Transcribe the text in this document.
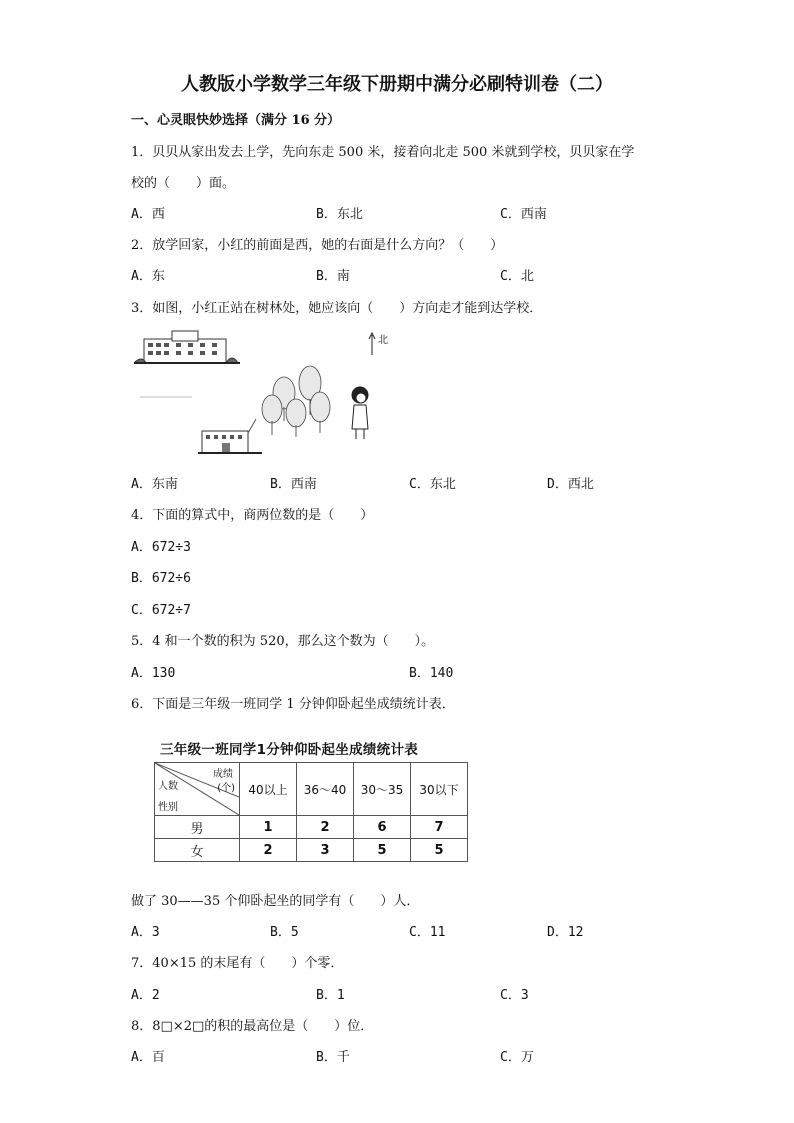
人教版小学数学三年级下册期中满分必刷特训卷（二）
一、心灵眼快妙选择（满分 16 分）
1．贝贝从家出发去上学，先向东走 500 米，接着向北走 500 米就到学校，贝贝家在学
校的（　　）面。
A．西	B．东北	C．西南
2．放学回家，小红的前面是西，她的右面是什么方向？（　　）
A．东	B．南	C．北
3．如图，小红正站在树林处，她应该向（　　）方向走才能到达学校．
北
A．东南	B．西南	C．东北	D．西北
4．下面的算式中，商两位数的是（　　）
A．672÷3
B．672÷6
C．672÷7
5．4 和一个数的积为 520，那么这个数为（　　）。
A．130	B．140
6．下面是三年级一班同学 1 分钟仰卧起坐成绩统计表．
三年级一班同学1分钟仰卧起坐成绩统计表
成绩
(个)
人数
性别	40以上	36～40	30～35	30以下
男	1	2	6	7
女	2	3	5	5
做了 30——35 个仰卧起坐的同学有（　　）人．
A．3	B．5	C．11	D．12
7．40×15 的末尾有（　　）个零．
A．2	B．1	C．3
8．8□×2□的积的最高位是（　　）位．
A．百	B．千	C．万
